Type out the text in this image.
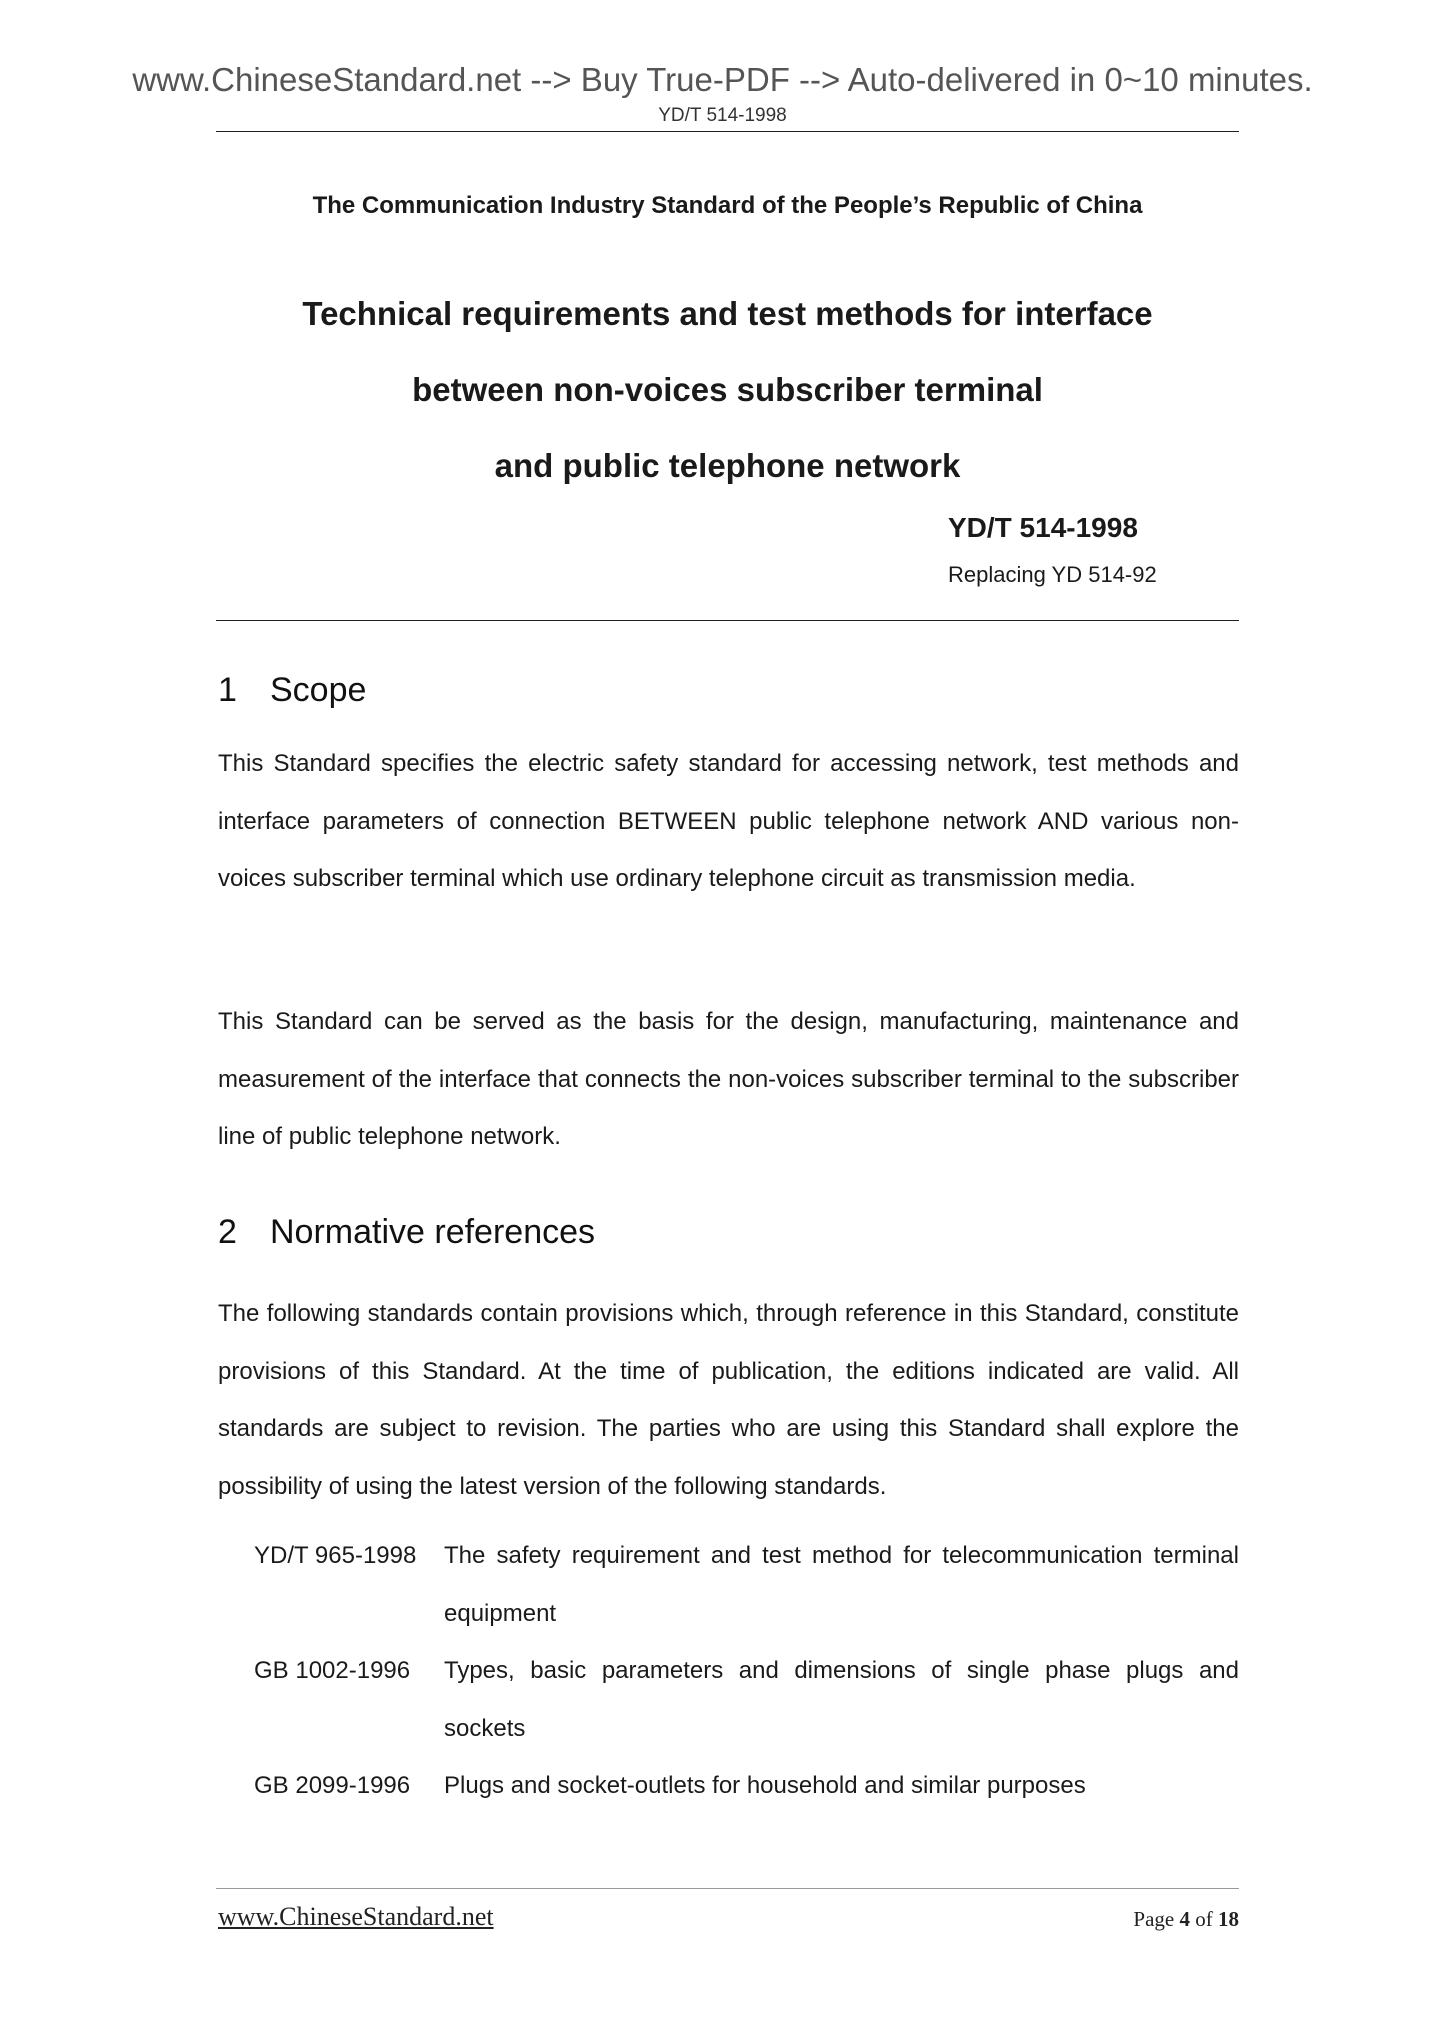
www.ChineseStandard.net --> Buy True-PDF --> Auto-delivered in 0~10 minutes.
YD/T 514-1998
The Communication Industry Standard of the People’s Republic of China
Technical requirements and test methods for interface
between non-voices subscriber terminal
and public telephone network
YD/T 514-1998
Replacing YD 514-92
1 Scope
This Standard specifies the electric safety standard for accessing network, test methods and interface parameters of connection BETWEEN public telephone network AND various non-voices subscriber terminal which use ordinary telephone circuit as transmission media.
This Standard can be served as the basis for the design, manufacturing, maintenance and measurement of the interface that connects the non-voices subscriber terminal to the subscriber line of public telephone network.
2 Normative references
The following standards contain provisions which, through reference in this Standard, constitute provisions of this Standard. At the time of publication, the editions indicated are valid. All standards are subject to revision. The parties who are using this Standard shall explore the possibility of using the latest version of the following standards.
YD/T 965-1998	The safety requirement and test method for telecommunication terminal equipment
GB 1002-1996	Types, basic parameters and dimensions of single phase plugs and sockets
GB 2099-1996	Plugs and socket-outlets for household and similar purposes
www.ChineseStandard.net	Page 4 of 18
